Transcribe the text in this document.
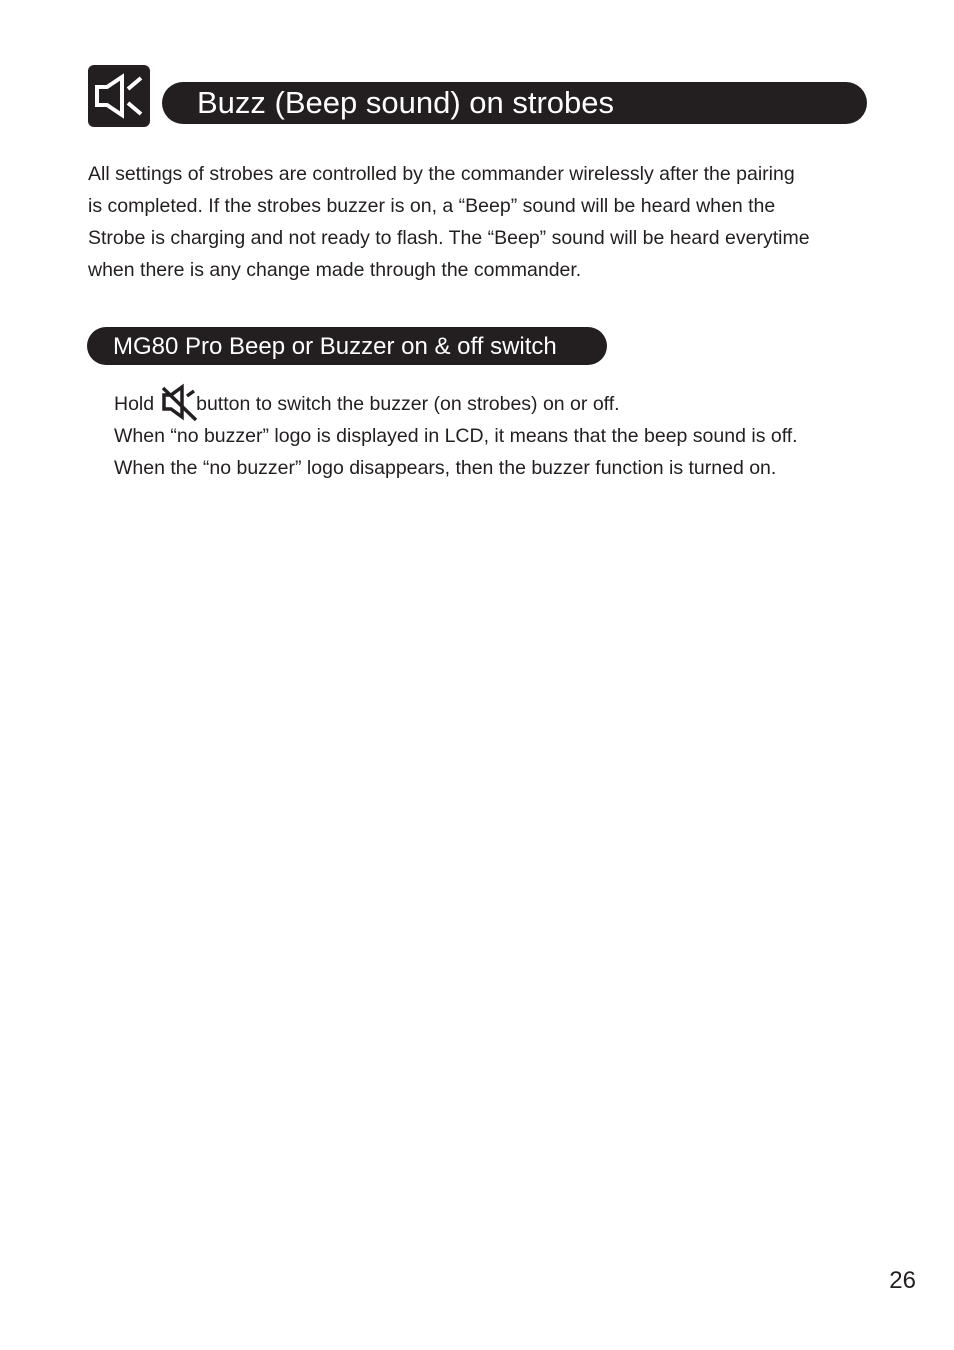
Buzz (Beep sound) on strobes

All settings of strobes are controlled by the commander wirelessly after the pairing
is completed. If the strobes buzzer is on, a “Beep” sound will be heard when the
Strobe is charging and not ready to flash. The “Beep” sound will be heard everytime
when there is any change made through the commander.

MG80 Pro Beep or Buzzer on & off switch
Hold button to switch the buzzer (on strobes) on or off.
When “no buzzer” logo is displayed in LCD, it means that the beep sound is off.
When the “no buzzer” logo disappears, then the buzzer function is turned on.
26
